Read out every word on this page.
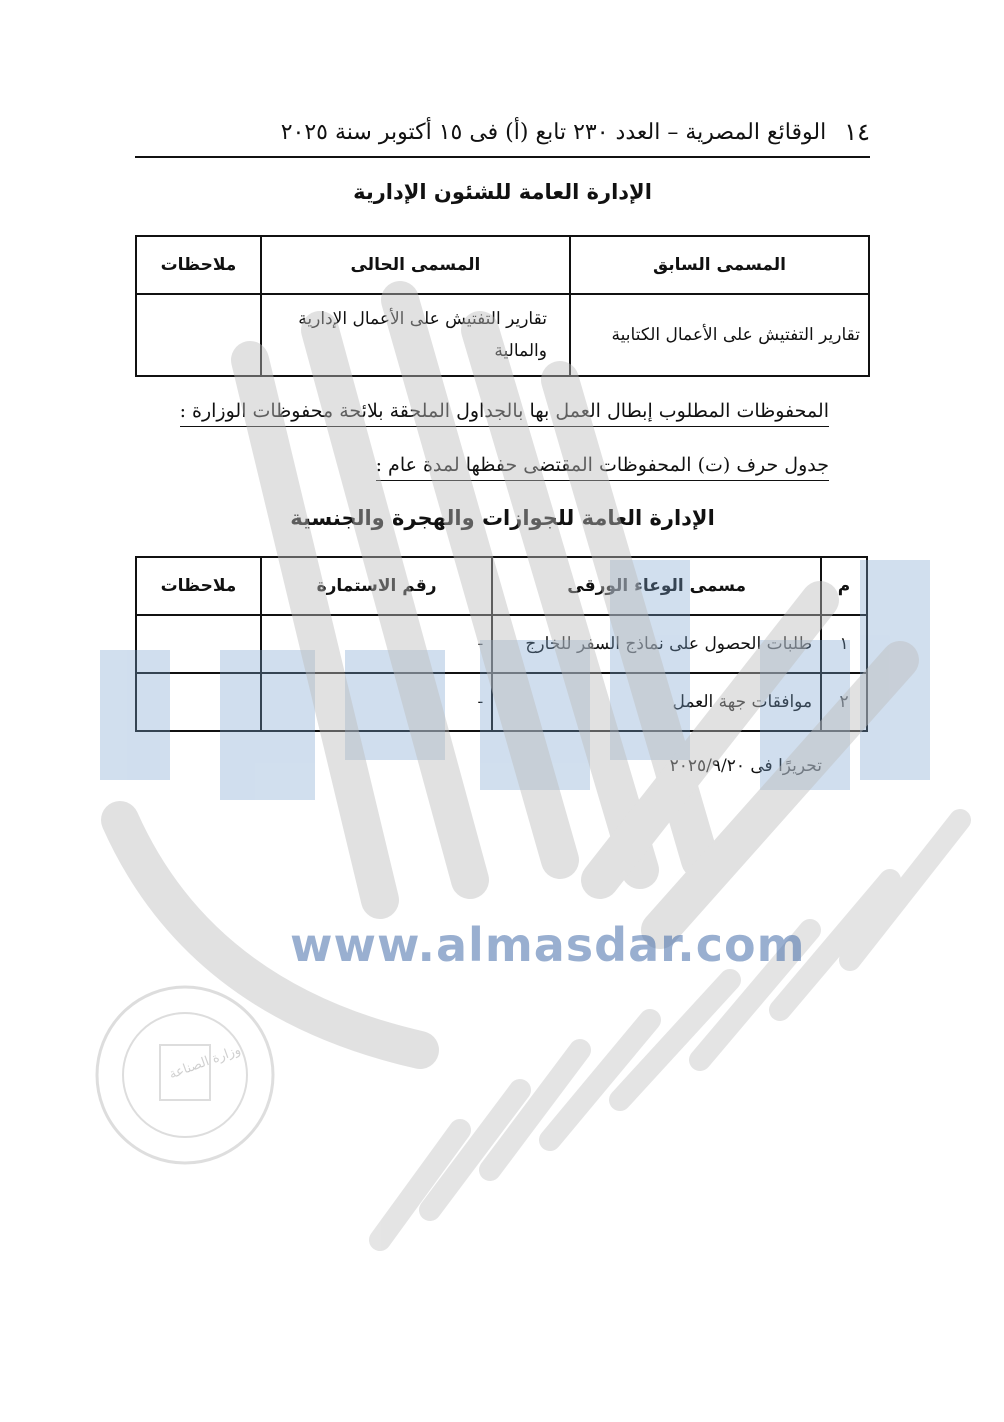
١٤
الوقائع المصرية – العدد ٢٣٠ تابع (أ) فى ١٥ أكتوبر سنة ٢٠٢٥
الإدارة العامة للشئون الإدارية
المسمى السابق	المسمى الحالى	ملاحظات
تقارير التفتيش على الأعمال الكتابية	تقارير التفتيش على الأعمال الإدارية والمالية	
المحفوظات المطلوب إبطال العمل بها بالجداول الملحقة بلائحة محفوظات الوزارة :
جدول حرف (ت) المحفوظات المقتضى حفظها لمدة عام :
الإدارة العامة للجوازات والهجرة والجنسية
م	مسمى الوعاء الورقى	رقم الاستمارة	ملاحظات
١	طلبات الحصول على نماذج السفر للخارج	-	
٢	موافقات جهة العمل	-	
تحريرًا فى ٢٠٢٥/٩/٢٠
www.almasdar.com
وزارة الصناعة
